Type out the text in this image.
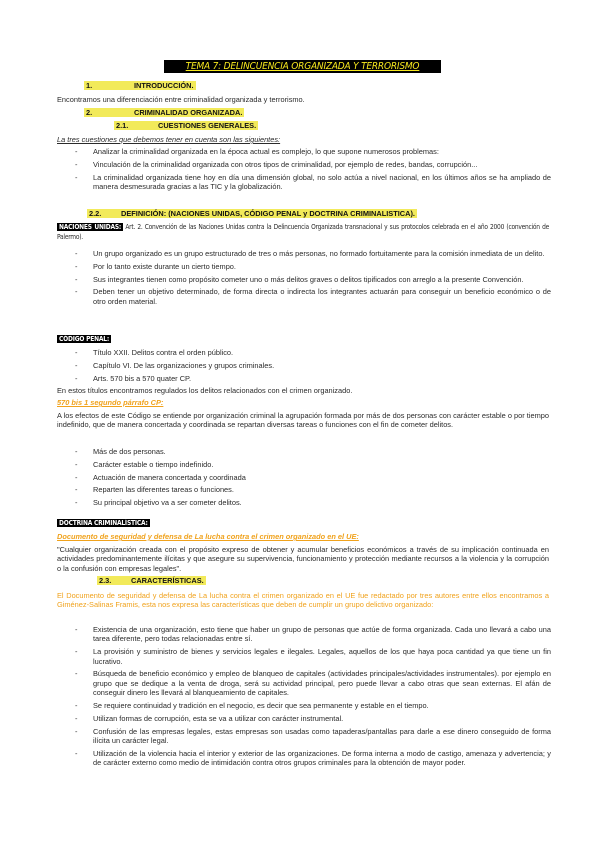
TEMA 7: DELINCUENCIA ORGANIZADA Y TERRORISMO
1.	INTRODUCCIÓN.
Encontramos una diferenciación entre criminalidad organizada y terrorismo.
2.	CRIMINALIDAD ORGANIZADA.
2.1.	CUESTIONES GENERALES.
La tres cuestiones que debemos tener en cuenta son las siguientes:
- Analizar la criminalidad organizada en la época actual es complejo, lo que supone numerosos problemas:
- Vinculación de la criminalidad organizada con otros tipos de criminalidad, por ejemplo de redes, bandas, corrupción...
- La criminalidad organizada tiene hoy en día una dimensión global, no solo actúa a nivel nacional, en los últimos años se ha ampliado de manera desmesurada gracias a las TIC y la globalización.
2.2.	DEFINICIÓN: (NACIONES UNIDAS, CÓDIGO PENAL y DOCTRINA CRIMINALISTICA).
NACIONES UNIDAS: Art. 2. Convención de las Naciones Unidas contra la Delincuencia Organizada transnacional y sus protocolos celebrada en el año 2000 (convención de Palermo).
- Un grupo organizado es un grupo estructurado de tres o más personas, no formado fortuitamente para la comisión inmediata de un delito.
- Por lo tanto existe durante un cierto tiempo.
- Sus integrantes tienen como propósito cometer uno o más delitos graves o delitos tipificados con arreglo a la presente Convención.
- Deben tener un objetivo determinado, de forma directa o indirecta los integrantes actuarán para conseguir un beneficio económico o de otro orden material.
CÓDIGO PENAL:
- Título XXII. Delitos contra el orden público.
- Capítulo VI. De las organizaciones y grupos criminales.
- Arts. 570 bis a 570 quater CP.
En estos títulos encontramos regulados los delitos relacionados con el crimen organizado.
570 bis 1 segundo párrafo CP:
A los efectos de este Código se entiende por organización criminal la agrupación formada por más de dos personas con carácter estable o por tiempo indefinido, que de manera concertada y coordinada se repartan diversas tareas o funciones con el fin de cometer delitos.
- Más de dos personas.
- Carácter estable o tiempo indefinido.
- Actuación de manera concertada y coordinada
- Reparten las diferentes tareas o funciones.
- Su principal objetivo va a ser cometer delitos.
DOCTRINA CRIMINALÍSTICA:
Documento de seguridad y defensa de La lucha contra el crimen organizado en el UE:
"Cualquier organización creada con el propósito expreso de obtener y acumular beneficios económicos a través de su implicación continuada en actividades predominantemente ilícitas y que asegure su supervivencia, funcionamiento y protección mediante recursos a la violencia y la corrupción o la confusión con empresas legales".
2.3.	CARACTERÍSTICAS.
El Documento de seguridad y defensa de La lucha contra el crimen organizado en el UE fue redactado por tres autores entre ellos encontramos a Giménez-Salinas Framis, esta nos expresa las características que deben de cumplir un grupo delictivo organizado:
- Existencia de una organización, esto tiene que haber un grupo de personas que actúe de forma organizada. Cada uno llevará a cabo una tarea diferente, pero todas relacionadas entre sí.
- La provisión y suministro de bienes y servicios legales e ilegales. Legales, aquellos de los que haya poca cantidad ya que tiene un fin lucrativo.
- Búsqueda de beneficio económico y empleo de blanqueo de capitales (actividades principales/actividades instrumentales). por ejemplo en grupo que se dedique a la venta de droga, será su actividad principal, pero puede llevar a cabo otras que sean externas. El afán de conseguir dinero les llevará al blanqueamiento de capitales.
- Se requiere continuidad y tradición en el negocio, es decir que sea permanente y estable en el tiempo.
- Utilizan formas de corrupción, esta se va a utilizar con carácter instrumental.
- Confusión de las empresas legales, estas empresas son usadas como tapaderas/pantallas para darle a ese dinero conseguido de forma ilícita un carácter legal.
- Utilización de la violencia hacia el interior y exterior de las organizaciones. De forma interna a modo de castigo, amenaza y advertencia; y de carácter externo como medio de intimidación contra otros grupos criminales para la obtención de mayor poder.
